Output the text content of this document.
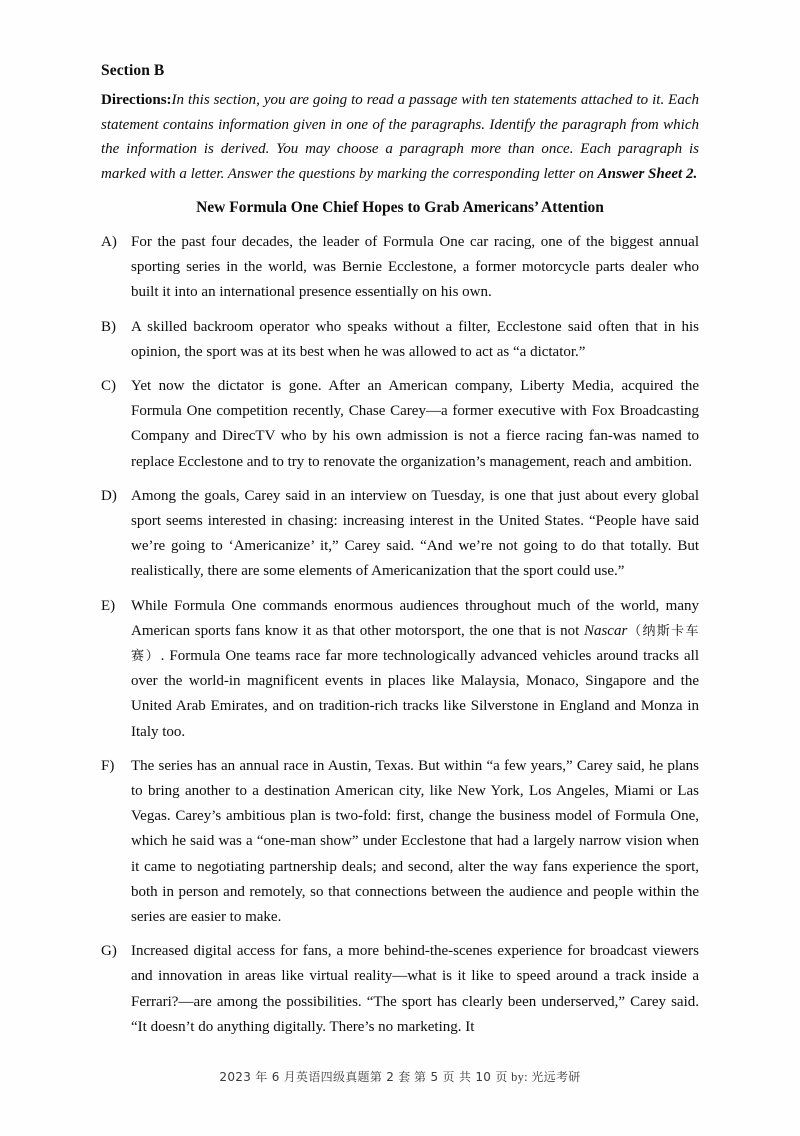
Section B

Directions:In this section, you are going to read a passage with ten statements attached to it. Each statement contains information given in one of the paragraphs. Identify the paragraph from which the information is derived. You may choose a paragraph more than once. Each paragraph is marked with a letter. Answer the questions by marking the corresponding letter on Answer Sheet 2.

New Formula One Chief Hopes to Grab Americans’ Attention
A) For the past four decades, the leader of Formula One car racing, one of the biggest annual sporting series in the world, was Bernie Ecclestone, a former motorcycle parts dealer who built it into an international presence essentially on his own.
B)	A skilled backroom operator who speaks without a filter, Ecclestone said often that in his opinion, the sport was at its best when he was allowed to act as “a dictator.”
C)	Yet now the dictator is gone. After an American company, Liberty Media, acquired the Formula One competition recently, Chase Carey—a former executive with Fox Broadcasting Company and DirecTV who by his own admission is not a fierce racing fan-was named to replace Ecclestone and to try to renovate the organization’s management, reach and ambition.
D) Among the goals, Carey said in an interview on Tuesday, is one that just about every global sport seems interested in chasing: increasing interest in the United States. “People have said we’re going to ‘Americanize’ it,” Carey said. “And we’re not going to do that totally. But realistically, there are some elements of Americanization that the sport could use.”
E)	While Formula One commands enormous audiences throughout much of the world, many American sports fans know it as that other motorsport, the one that is not Nascar（纳斯卡车赛）. Formula One teams race far more technologically advanced vehicles around tracks all over the world-in magnificent events in places like Malaysia, Monaco, Singapore and the United Arab Emirates, and on tradition-rich tracks like Silverstone in England and Monza in Italy too.
F)	The series has an annual race in Austin, Texas. But within “a few years,” Carey said, he plans to bring another to a destination American city, like New York, Los Angeles, Miami or Las Vegas. Carey’s ambitious plan is two-fold: first, change the business model of Formula One, which he said was a “one-man show” under Ecclestone that had a largely narrow vision when it came to negotiating partnership deals; and second, alter the way fans experience the sport, both in person and remotely, so that connections between the audience and people within the series are easier to make.
G) Increased digital access for fans, a more behind-the-scenes experience for broadcast viewers and innovation in areas like virtual reality—what is it like to speed around a track inside a Ferrari?—are among the possibilities. “The sport has clearly been underserved,” Carey said. “It doesn’t do anything digitally. There’s no marketing. It
2023 年 6 月英语四级真题第 2 套 第 5 页 共 10 页 by: 光远考研
